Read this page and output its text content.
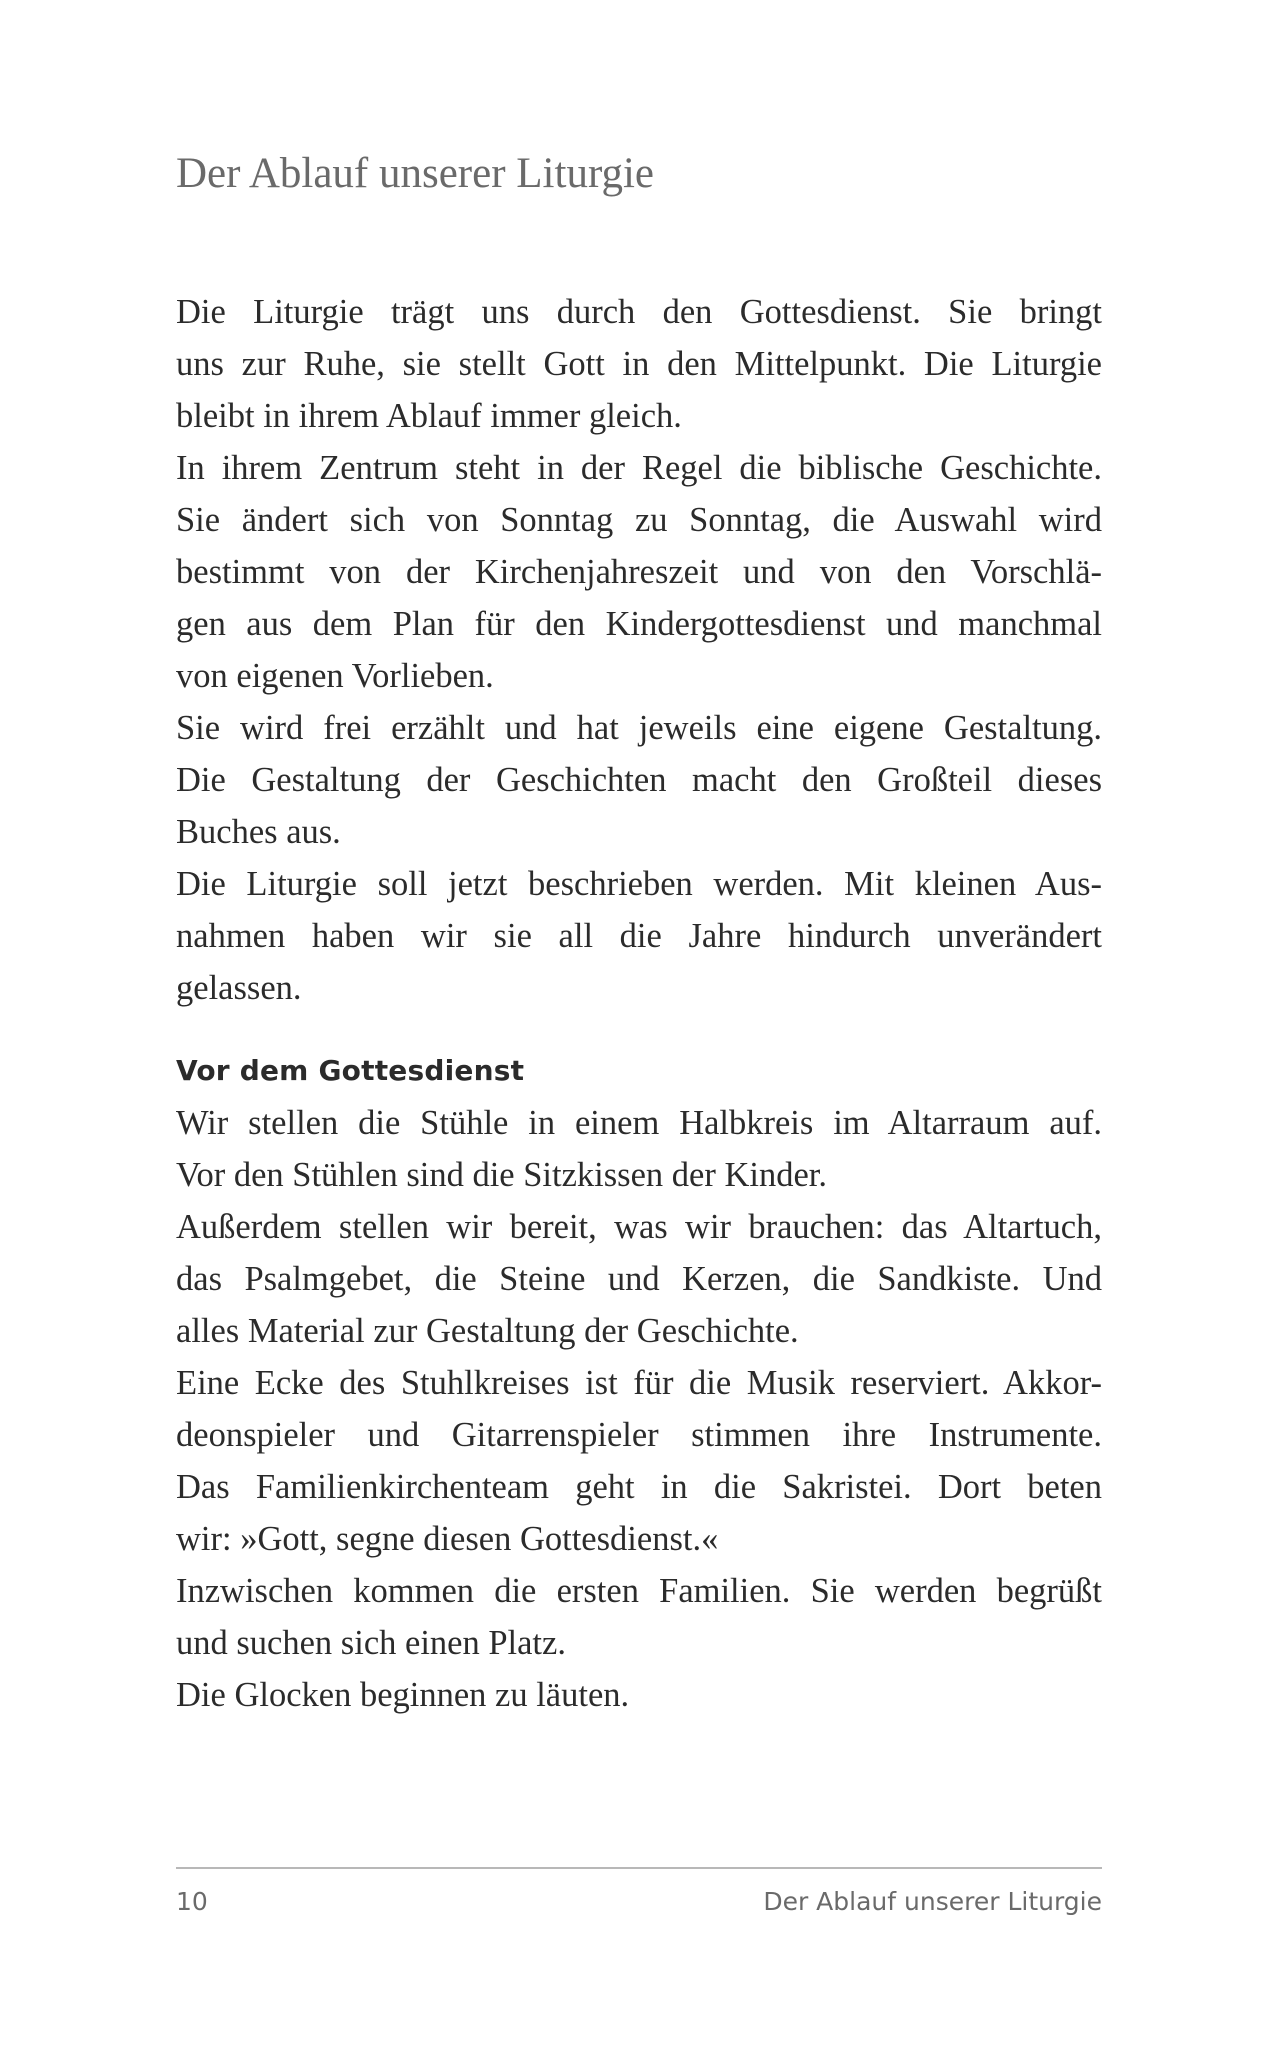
Der Ablauf unserer Liturgie
Die Liturgie trägt uns durch den Gottesdienst. Sie bringt
uns zur Ruhe, sie stellt Gott in den Mittelpunkt. Die Liturgie
bleibt in ihrem Ablauf immer gleich.
In ihrem Zentrum steht in der Regel die biblische Geschichte.
Sie ändert sich von Sonntag zu Sonntag, die Auswahl wird
bestimmt von der Kirchenjahreszeit und von den Vorschlä-
gen aus dem Plan für den Kindergottesdienst und manchmal
von eigenen Vorlieben.
Sie wird frei erzählt und hat jeweils eine eigene Gestaltung.
Die Gestaltung der Geschichten macht den Großteil dieses
Buches aus.
Die Liturgie soll jetzt beschrieben werden. Mit kleinen Aus-
nahmen haben wir sie all die Jahre hindurch unverändert
gelassen.
Vor dem Gottesdienst
Wir stellen die Stühle in einem Halbkreis im Altarraum auf.
Vor den Stühlen sind die Sitzkissen der Kinder.
Außerdem stellen wir bereit, was wir brauchen: das Altartuch,
das Psalmgebet, die Steine und Kerzen, die Sandkiste. Und
alles Material zur Gestaltung der Geschichte.
Eine Ecke des Stuhlkreises ist für die Musik reserviert. Akkor-
deonspieler und Gitarrenspieler stimmen ihre Instrumente.
Das Familienkirchenteam geht in die Sakristei. Dort beten
wir: »Gott, segne diesen Gottesdienst.«
Inzwischen kommen die ersten Familien. Sie werden begrüßt
und suchen sich einen Platz.
Die Glocken beginnen zu läuten.
10	Der Ablauf unserer Liturgie
